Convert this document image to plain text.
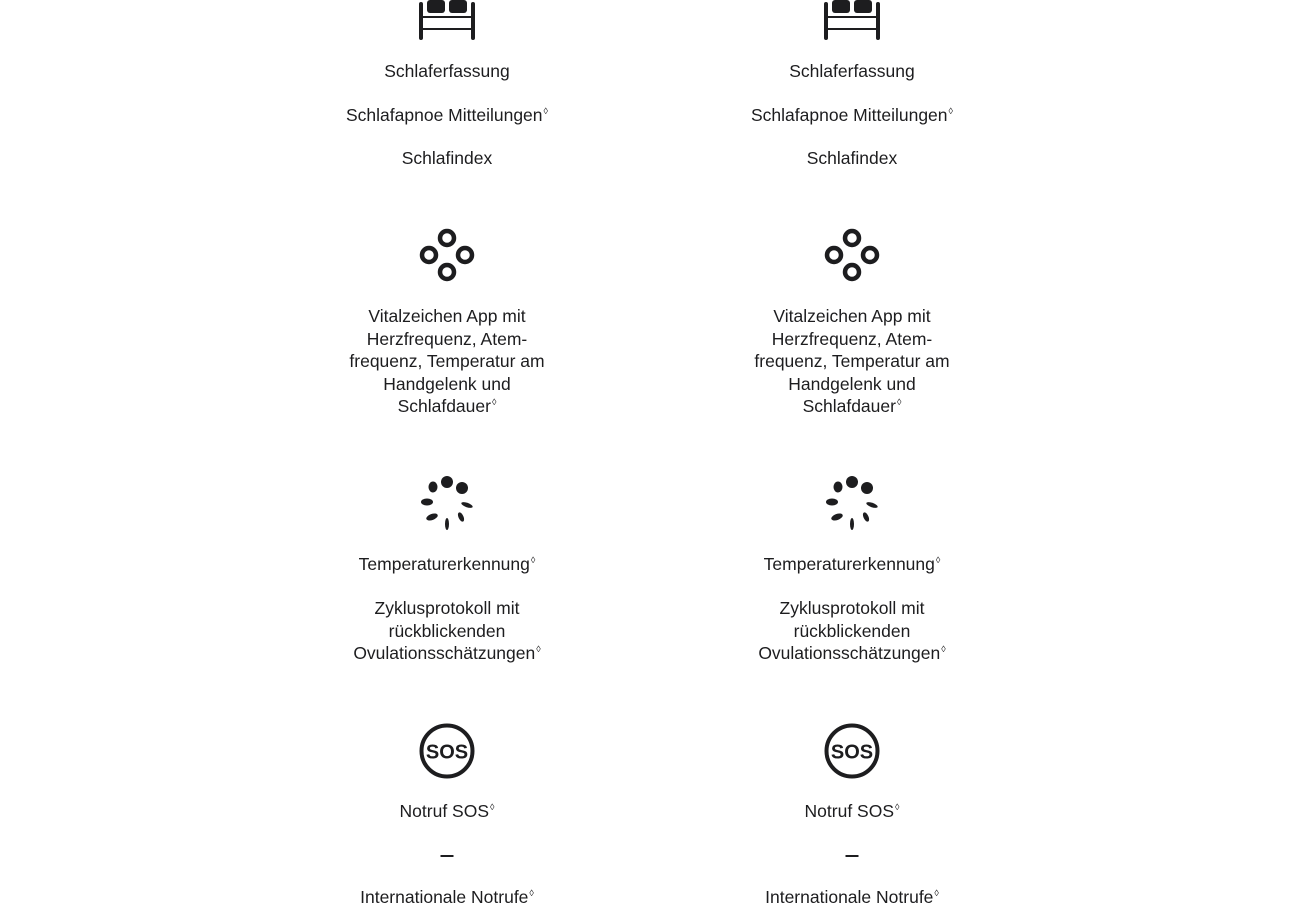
Schlaferfassung

Schlafapnoe Mitteilungen◊

Schlafindex

Vitalzeichen App mit
Herzfrequenz, Atem-
frequenz, Temperatur am
Handgelenk und
Schlafdauer◊

Temperaturerkennung◊

Zyklusprotokoll mit
rückblickenden
Ovulationsschätzungen◊
SOS

Notruf SOS◊

Internationale Notrufe◊

Schlaferfassung

Schlafapnoe Mitteilungen◊

Schlafindex

Vitalzeichen App mit
Herzfrequenz, Atem-
frequenz, Temperatur am
Handgelenk und
Schlafdauer◊

Temperaturerkennung◊

Zyklusprotokoll mit
rückblickenden
Ovulationsschätzungen◊
SOS

Notruf SOS◊

Internationale Notrufe◊
